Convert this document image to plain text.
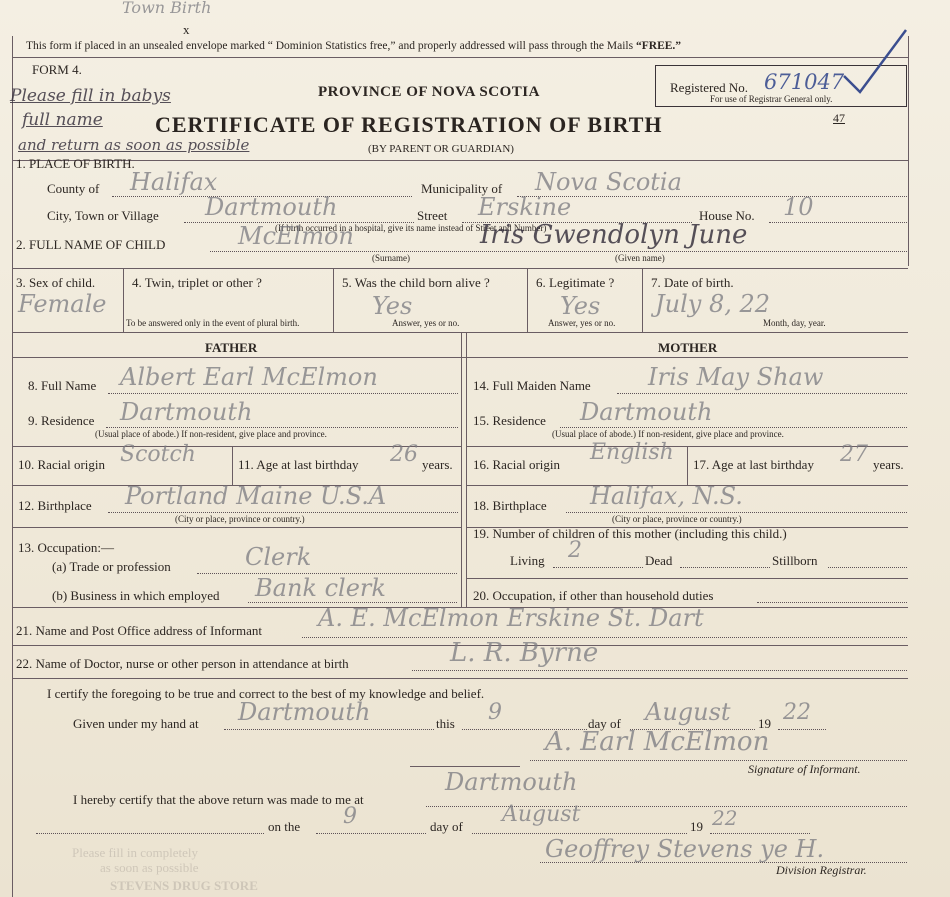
Town Birth
x
This form if placed in an unsealed envelope marked “ Dominion Statistics free,” and properly addressed will pass through the Mails “FREE.”
FORM 4.
PROVINCE OF NOVA SCOTIA	Registered No. 671047
For use of Registrar General only.
47
Please fill in babys
full name
and return as soon as possible
CERTIFICATE OF REGISTRATION OF BIRTH
(BY PARENT OR GUARDIAN)
1. PLACE OF BIRTH.
County of Halifax	Municipality of Nova Scotia
City, Town or Village Dartmouth	Street Erskine	House No. 10
(If birth occurred in a hospital, give its name instead of Street and Number)
2. FULL NAME OF CHILD	McElmon	Iris Gwendolyn June
(Surname)	(Given name)
3. Sex of child.
Female
4. Twin, triplet or other ?
To be answered only in the event of plural birth.
5. Was the child born alive ?
Yes
Answer, yes or no.
6. Legitimate ?
Yes
Answer, yes or no.
7. Date of birth.
July 8, 22
Month, day, year.
FATHER	MOTHER
8. Full Name Albert Earl McElmon
9. Residence Dartmouth
(Usual place of abode.) If non-resident, give place and province.
10. Racial origin Scotch	11. Age at last birthday 26 years.
12. Birthplace Portland Maine U.S.A
(City or place, province or country.)
13. Occupation:—
(a) Trade or profession	Clerk
(b) Business in which employed Bank clerk
14. Full Maiden Name Iris May Shaw
15. Residence Dartmouth
(Usual place of abode.) If non-resident, give place and province.
16. Racial origin English 17. Age at last birthday 27 years.
18. Birthplace Halifax, N.S.
(City or place, province or country.)
19. Number of children of this mother (including this child.)
Living 2	Dead	Stillborn
20. Occupation, if other than household duties
21. Name and Post Office address of Informant A. E. McElmon Erskine St. Dart
22. Name of Doctor, nurse or other person in attendance at birth	L. R. Byrne
I certify the foregoing to be true and correct to the best of my knowledge and belief.
Given under my hand at Dartmouth	this 9	day of August 19 22
A. Earl McElmon
Signature of Informant.
I hereby certify that the above return was made to me at
Dartmouth
on the 9	day of August	19 22
Geoffrey Stevens ye H.
Division Registrar.
Please fill in completely
as soon as possible
STEVENS DRUG STORE
